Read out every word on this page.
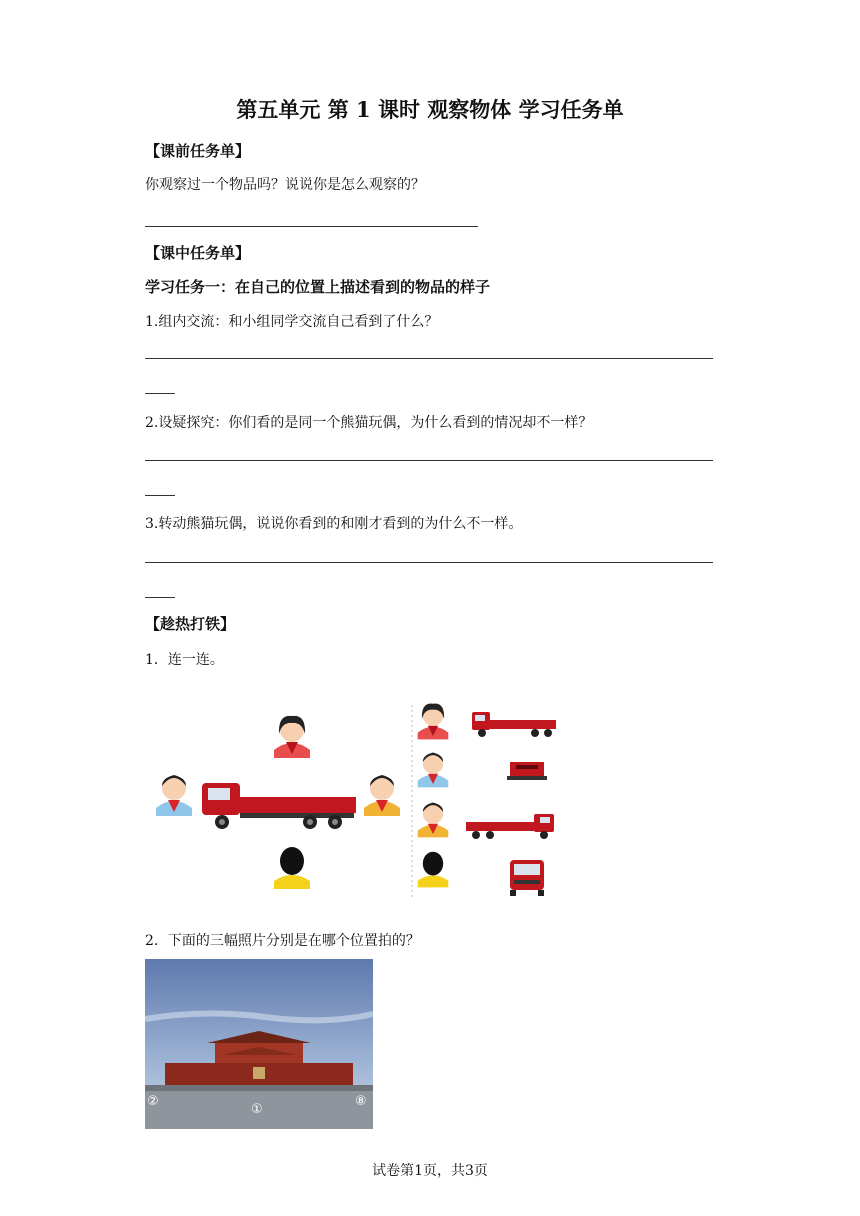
第五单元 第 1 课时 观察物体 学习任务单
【课前任务单】
你观察过一个物品吗？说说你是怎么观察的？
【课中任务单】
学习任务一：在自己的位置上描述看到的物品的样子
1.组内交流：和小组同学交流自己看到了什么？
2.设疑探究：你们看的是同一个熊猫玩偶，为什么看到的情况却不一样？
3.转动熊猫玩偶，说说你看到的和刚才看到的为什么不一样。
【趁热打铁】
1．连一连。
2．下面的三幅照片分别是在哪个位置拍的？
②
①
⑧
试卷第1页，共3页
